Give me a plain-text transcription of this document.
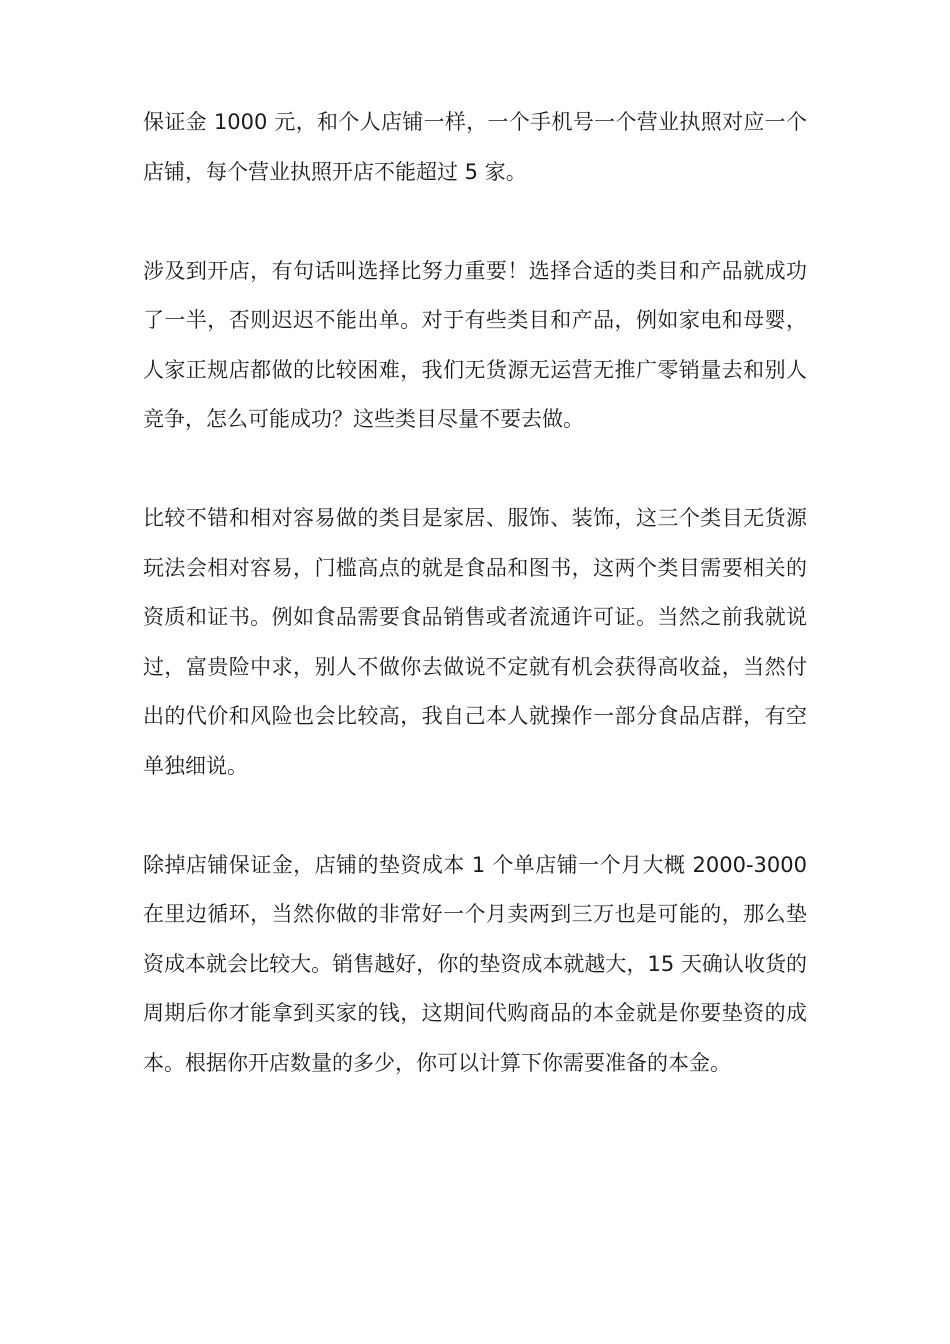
保证金 1000 元，和个人店铺一样，一个手机号一个营业执照对应一个店铺，每个营业执照开店不能超过 5 家。

涉及到开店，有句话叫选择比努力重要！选择合适的类目和产品就成功了一半，否则迟迟不能出单。对于有些类目和产品，例如家电和母婴，人家正规店都做的比较困难，我们无货源无运营无推广零销量去和别人竞争，怎么可能成功？这些类目尽量不要去做。

比较不错和相对容易做的类目是家居、服饰、装饰，这三个类目无货源玩法会相对容易，门槛高点的就是食品和图书，这两个类目需要相关的资质和证书。例如食品需要食品销售或者流通许可证。当然之前我就说过，富贵险中求，别人不做你去做说不定就有机会获得高收益，当然付出的代价和风险也会比较高，我自己本人就操作一部分食品店群，有空单独细说。

除掉店铺保证金，店铺的垫资成本 1 个单店铺一个月大概 2000-3000 在里边循环，当然你做的非常好一个月卖两到三万也是可能的，那么垫资成本就会比较大。销售越好，你的垫资成本就越大，15 天确认收货的周期后你才能拿到买家的钱，这期间代购商品的本金就是你要垫资的成本。根据你开店数量的多少，你可以计算下你需要准备的本金。
